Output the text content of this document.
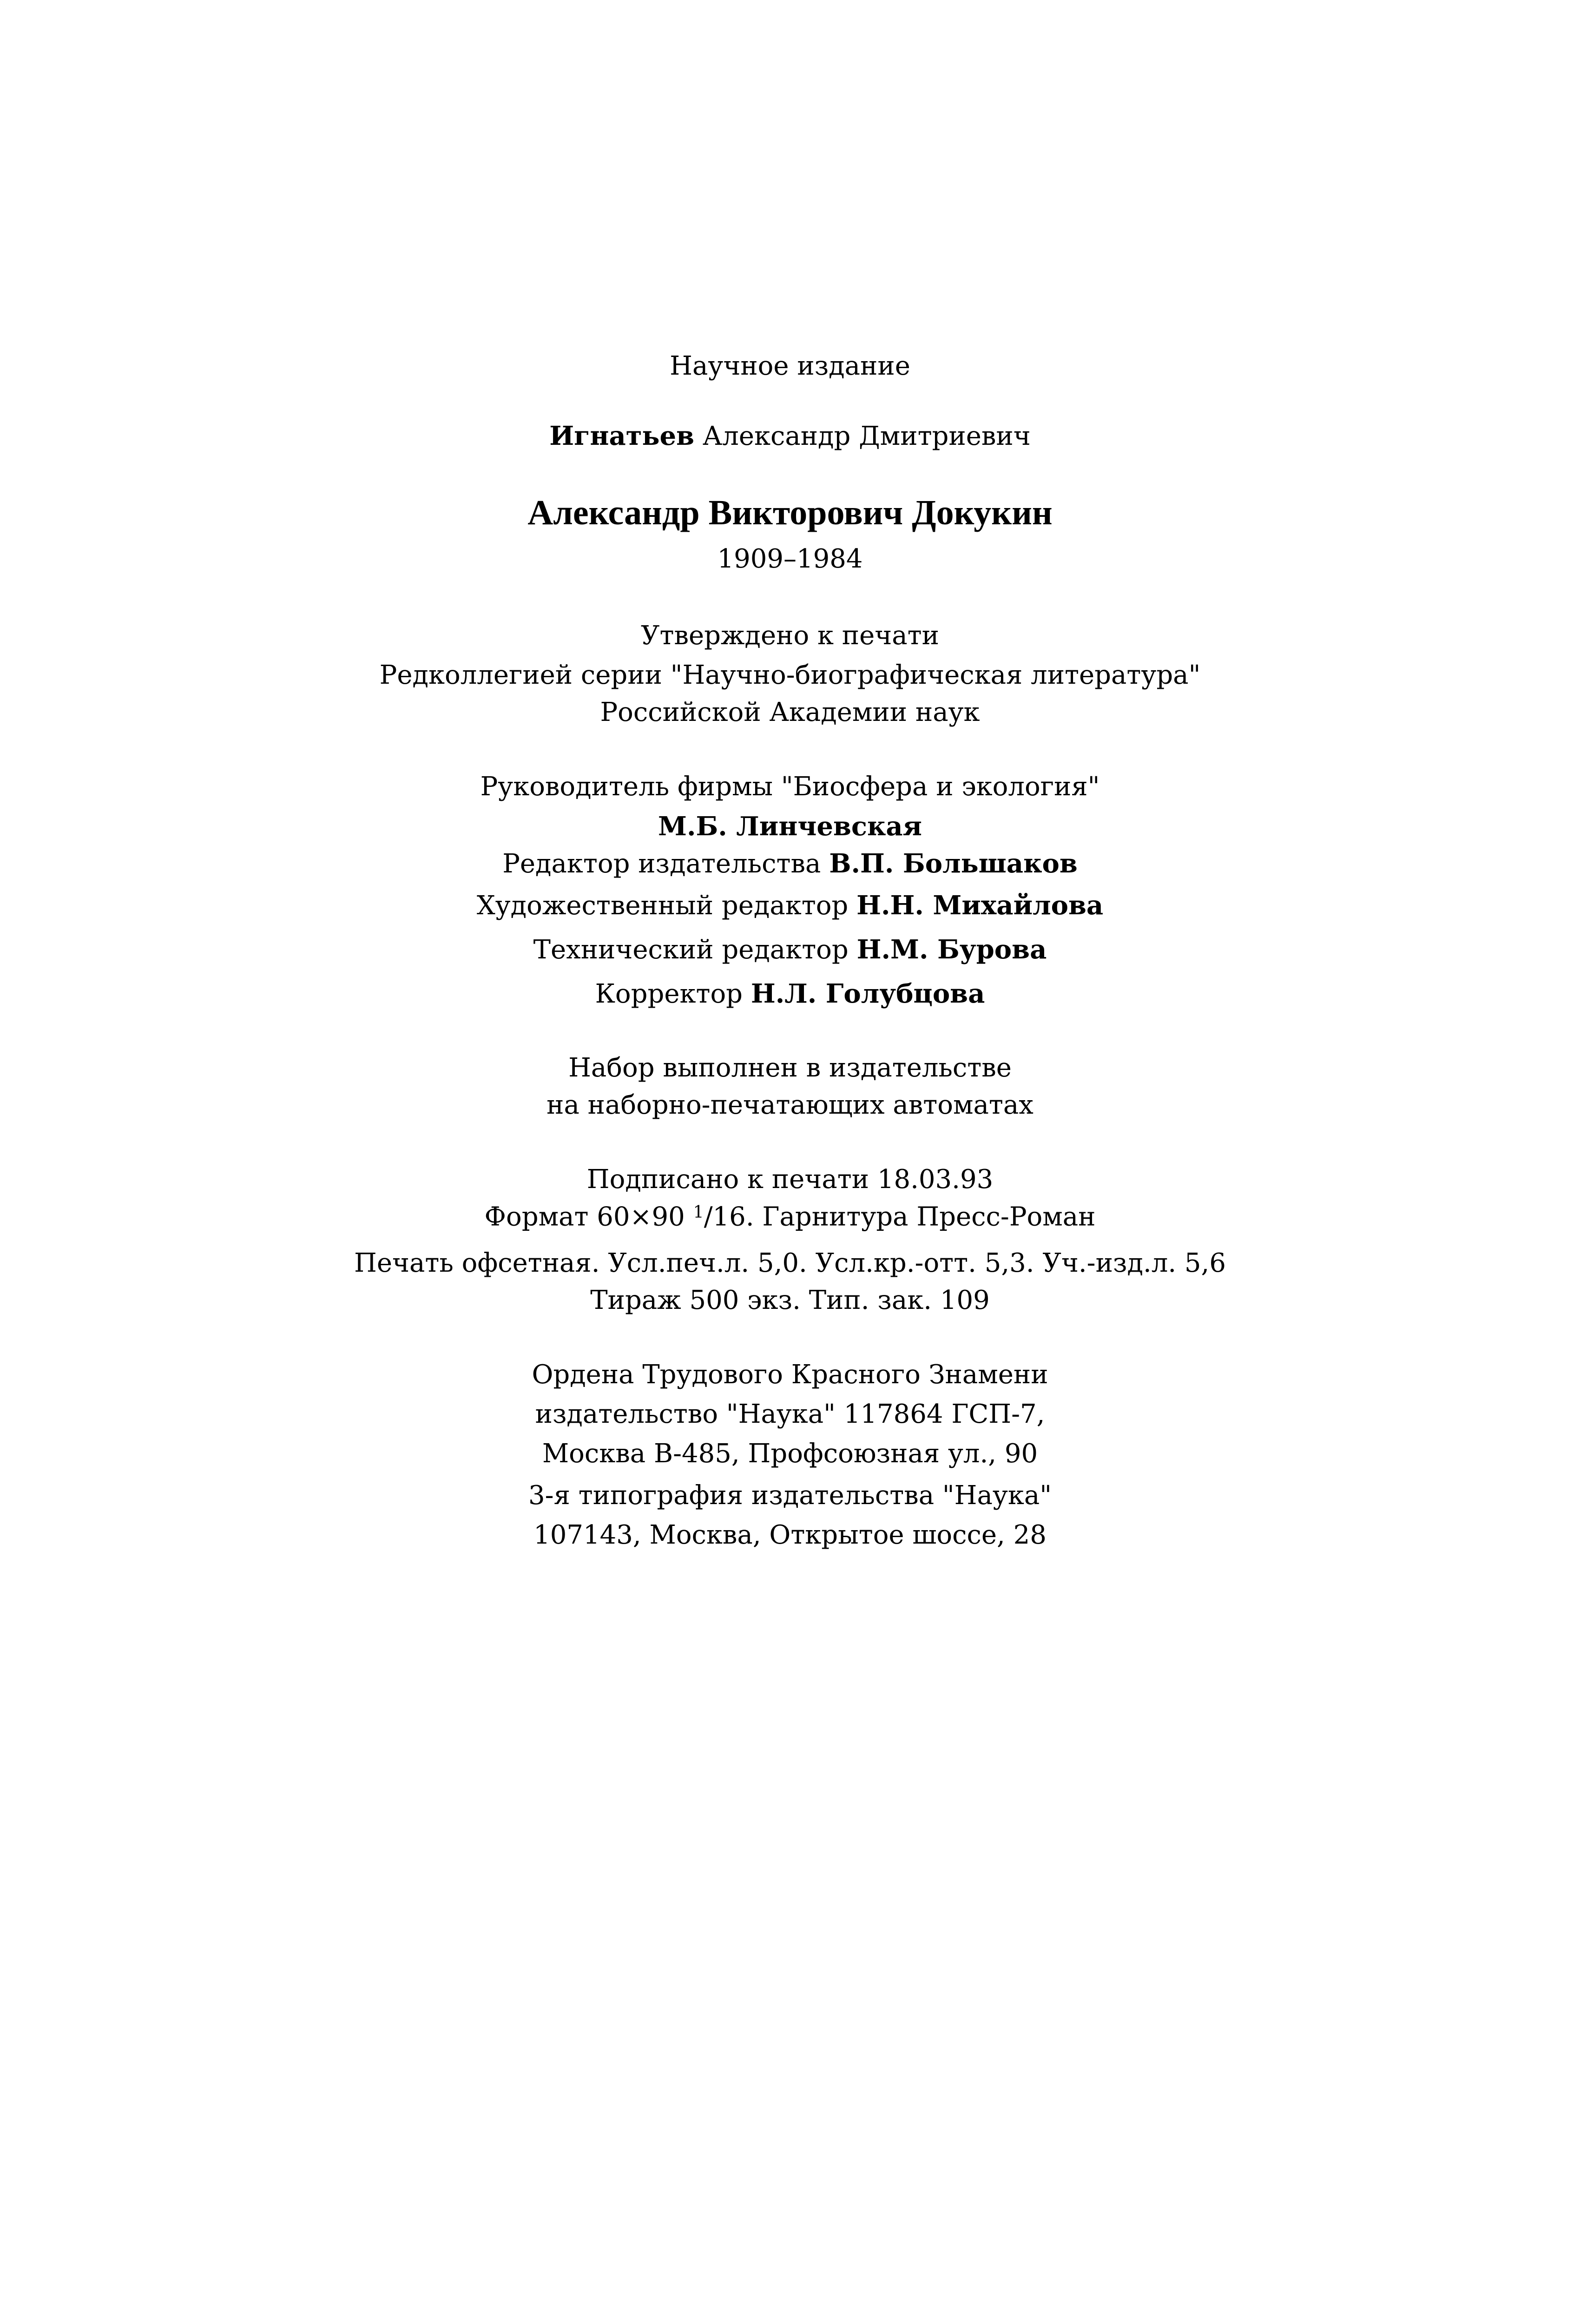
Научное издание
Игнатьев Александр Дмитриевич
Александр Викторович Докукин
1909–1984
Утверждено к печати
Редколлегией серии "Научно-биографическая литература"
Российской Академии наук
Руководитель фирмы "Биосфера и экология"
М.Б. Линчевская
Редактор издательства В.П. Большаков
Художественный редактор Н.Н. Михайлова
Технический редактор Н.М. Бурова
Корректор Н.Л. Голубцова
Набор выполнен в издательстве
на наборно-печатающих автоматах
Подписано к печати 18.03.93
Формат 60×90 $^1$/16. Гарнитура Пресс-Роман
Печать офсетная. Усл.печ.л. 5,0. Усл.кр.-отт. 5,3. Уч.-изд.л. 5,6
Тираж 500 экз. Тип. зак. 109
Ордена Трудового Красного Знамени
издательство "Наука" 117864 ГСП-7,
Москва В-485, Профсоюзная ул., 90
3-я типография издательства "Наука"
107143, Москва, Открытое шоссе, 28
